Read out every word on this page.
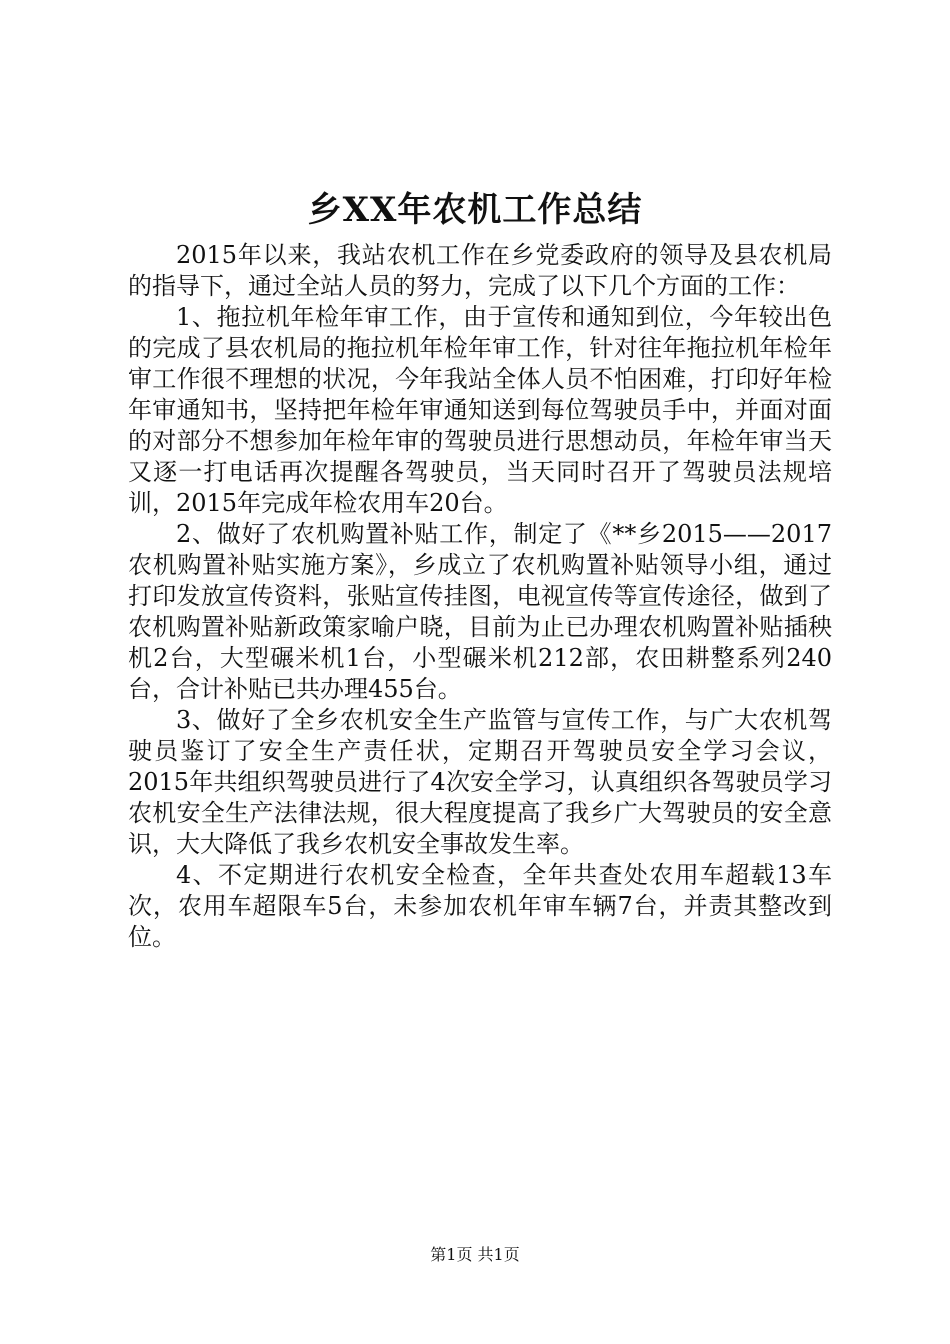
乡XX年农机工作总结

2015年以来，我站农机工作在乡党委政府的领导及县农机局的指导下，通过全站人员的努力，完成了以下几个方面的工作：

1、拖拉机年检年审工作，由于宣传和通知到位，今年较出色的完成了县农机局的拖拉机年检年审工作，针对往年拖拉机年检年审工作很不理想的状况，今年我站全体人员不怕困难，打印好年检年审通知书，坚持把年检年审通知送到每位驾驶员手中，并面对面的对部分不想参加年检年审的驾驶员进行思想动员，年检年审当天又逐一打电话再次提醒各驾驶员，当天同时召开了驾驶员法规培训，2015年完成年检农用车20台。

2、做好了农机购置补贴工作，制定了《**乡2015——2017农机购置补贴实施方案》，乡成立了农机购置补贴领导小组，通过打印发放宣传资料，张贴宣传挂图，电视宣传等宣传途径，做到了农机购置补贴新政策家喻户晓，目前为止已办理农机购置补贴插秧机2台，大型碾米机1台，小型碾米机212部，农田耕整系列240台，合计补贴已共办理455台。

3、做好了全乡农机安全生产监管与宣传工作，与广大农机驾驶员鉴订了安全生产责任状，定期召开驾驶员安全学习会议，2015年共组织驾驶员进行了4次安全学习，认真组织各驾驶员学习农机安全生产法律法规，很大程度提高了我乡广大驾驶员的安全意识，大大降低了我乡农机安全事故发生率。

4、不定期进行农机安全检查，全年共查处农用车超载13车次，农用车超限车5台，未参加农机年审车辆7台，并责其整改到位。

第1页 共1页
